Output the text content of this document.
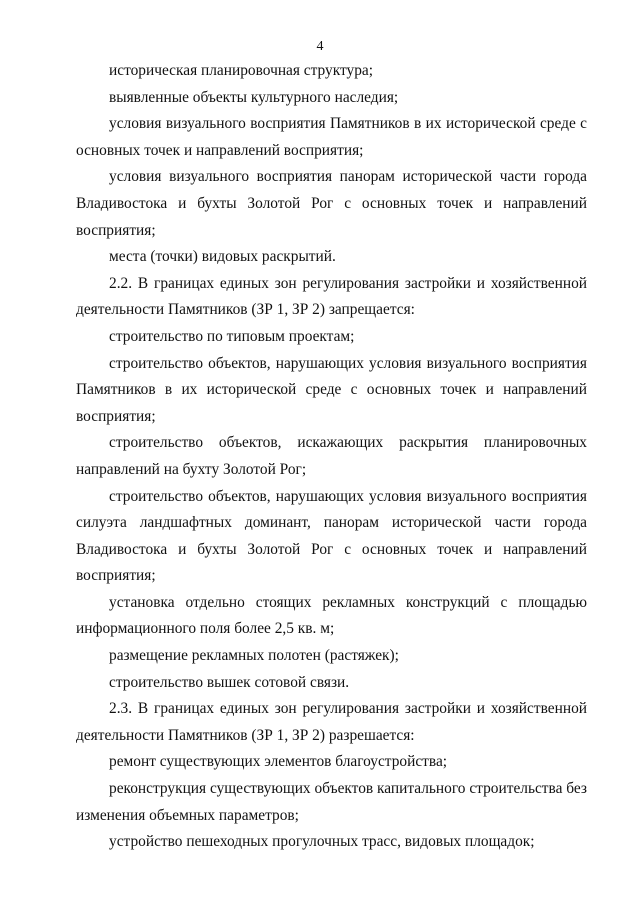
4

историческая планировочная структура;

выявленные объекты культурного наследия;

условия визуального восприятия Памятников в их исторической среде с основных точек и направлений восприятия;

условия визуального восприятия панорам исторической части города Владивостока и бухты Золотой Рог с основных точек и направлений восприятия;

места (точки) видовых раскрытий.

2.2. В границах единых зон регулирования застройки и хозяйственной деятельности Памятников (ЗР 1, ЗР 2) запрещается:

строительство по типовым проектам;

строительство объектов, нарушающих условия визуального восприятия Памятников в их исторической среде с основных точек и направлений восприятия;

строительство объектов, искажающих раскрытия планировочных направлений на бухту Золотой Рог;

строительство объектов, нарушающих условия визуального восприятия силуэта ландшафтных доминант, панорам исторической части города Владивостока и бухты Золотой Рог с основных точек и направлений восприятия;

установка отдельно стоящих рекламных конструкций с площадью информационного поля более 2,5 кв. м;

размещение рекламных полотен (растяжек);

строительство вышек сотовой связи.

2.3. В границах единых зон регулирования застройки и хозяйственной деятельности Памятников (ЗР 1, ЗР 2) разрешается:

ремонт существующих элементов благоустройства;

реконструкция существующих объектов капитального строительства без изменения объемных параметров;

устройство пешеходных прогулочных трасс, видовых площадок;
